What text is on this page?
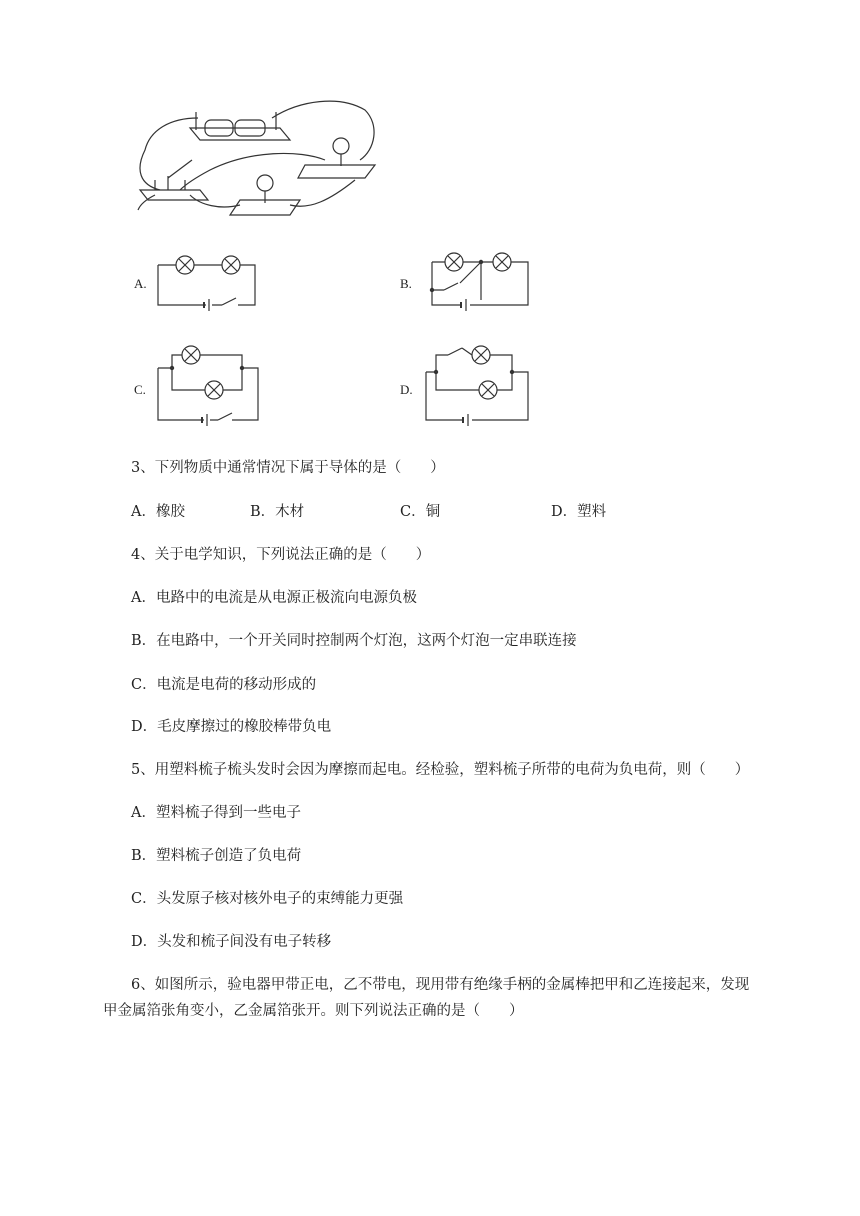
A.	B.
C.	D.
3、下列物质中通常情况下属于导体的是（　　）
A．橡胶	B．木材	C．铜	D．塑料
4、关于电学知识，下列说法正确的是（　　）
A．电路中的电流是从电源正极流向电源负极
B．在电路中，一个开关同时控制两个灯泡，这两个灯泡一定串联连接
C．电流是电荷的移动形成的
D．毛皮摩擦过的橡胶棒带负电
5、用塑料梳子梳头发时会因为摩擦而起电。经检验，塑料梳子所带的电荷为负电荷，则（　　）
A．塑料梳子得到一些电子
B．塑料梳子创造了负电荷
C．头发原子核对核外电子的束缚能力更强
D．头发和梳子间没有电子转移
6、如图所示，验电器甲带正电，乙不带电，现用带有绝缘手柄的金属棒把甲和乙连接起来，发现
甲金属箔张角变小，乙金属箔张开。则下列说法正确的是（　　）
